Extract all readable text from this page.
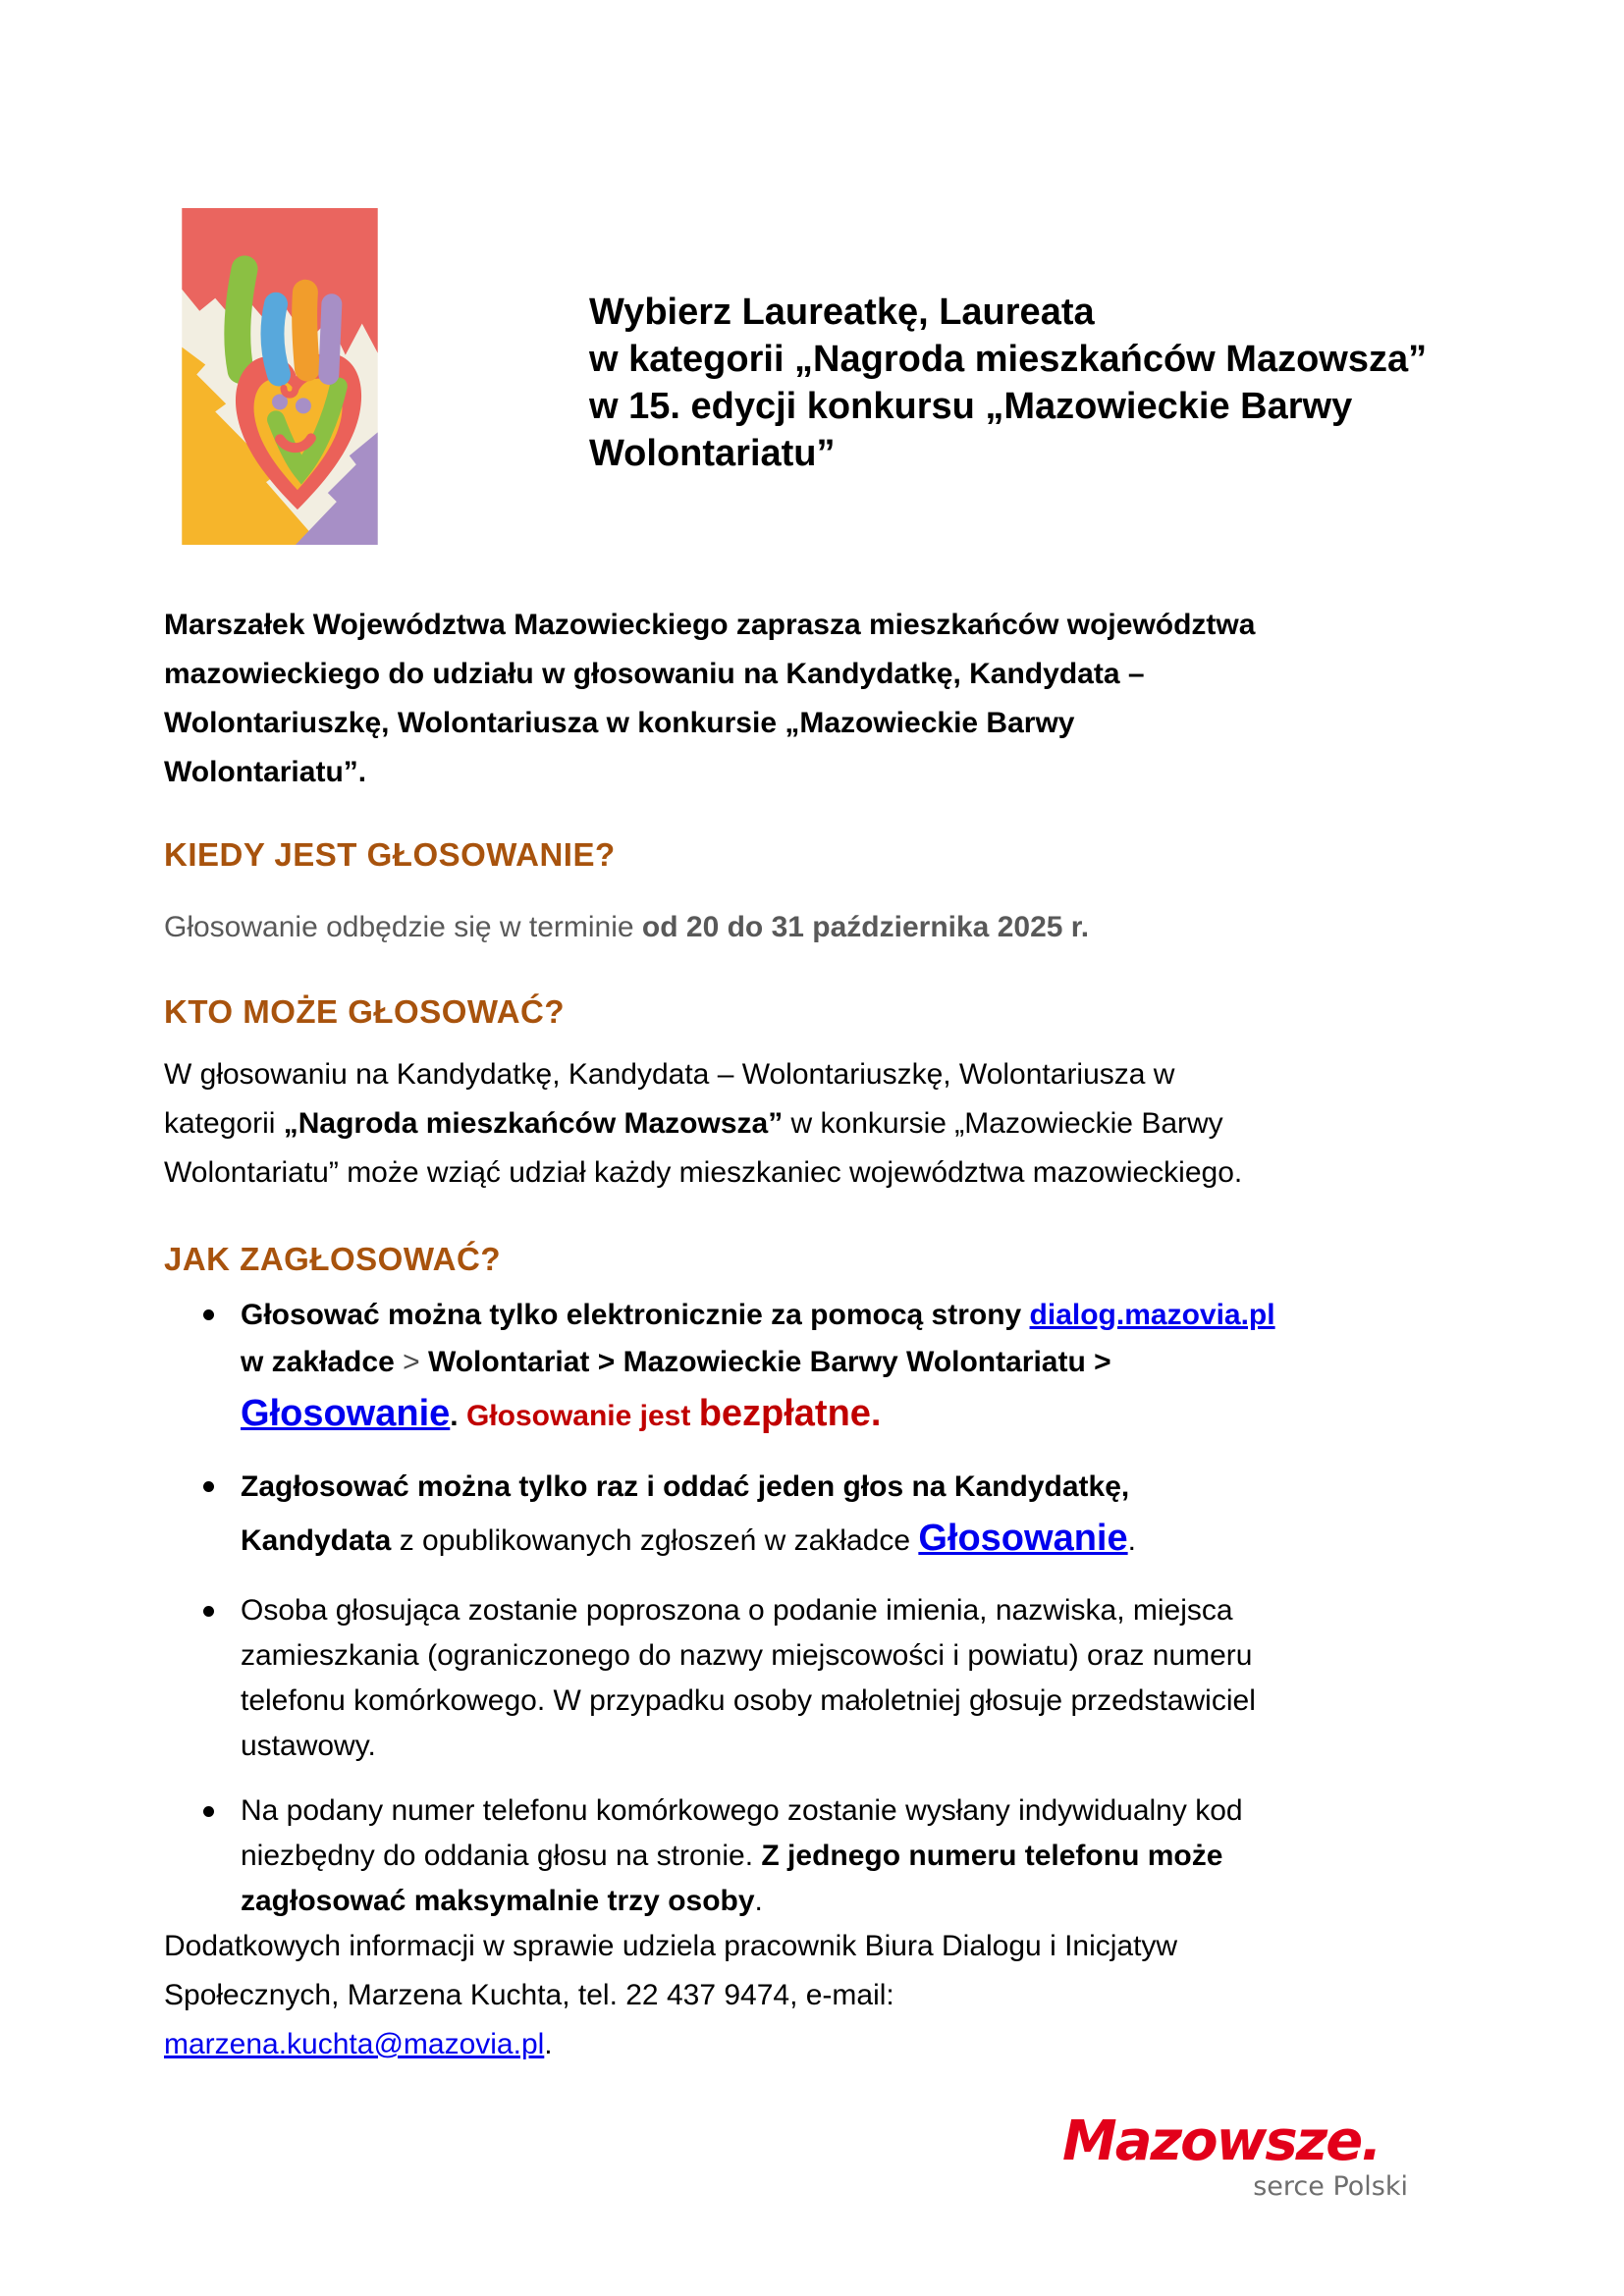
Wybierz Laureatkę, Laureata
w kategorii „Nagroda mieszkańców Mazowsza”
w 15. edycji konkursu „Mazowieckie Barwy
Wolontariatu”
Marszałek Województwa Mazowieckiego zaprasza mieszkańców województwa
mazowieckiego do udziału w głosowaniu na Kandydatkę, Kandydata –
Wolontariuszkę, Wolontariusza w konkursie „Mazowieckie Barwy
Wolontariatu”.
KIEDY JEST GŁOSOWANIE?
Głosowanie odbędzie się w terminie od 20 do 31 października 2025 r.
KTO MOŻE GŁOSOWAĆ?
W głosowaniu na Kandydatkę, Kandydata – Wolontariuszkę, Wolontariusza w
kategorii „Nagroda mieszkańców Mazowsza” w konkursie „Mazowieckie Barwy
Wolontariatu” może wziąć udział każdy mieszkaniec województwa mazowieckiego.
JAK ZAGŁOSOWAĆ?
Głosować można tylko elektronicznie za pomocą strony dialog.mazovia.pl
w zakładce > Wolontariat > Mazowieckie Barwy Wolontariatu >
Głosowanie. Głosowanie jest bezpłatne.
Zagłosować można tylko raz i oddać jeden głos na Kandydatkę,
Kandydata z opublikowanych zgłoszeń w zakładce Głosowanie.
Osoba głosująca zostanie poproszona o podanie imienia, nazwiska, miejsca
zamieszkania (ograniczonego do nazwy miejscowości i powiatu) oraz numeru
telefonu komórkowego. W przypadku osoby małoletniej głosuje przedstawiciel
ustawowy.
Na podany numer telefonu komórkowego zostanie wysłany indywidualny kod
niezbędny do oddania głosu na stronie. Z jednego numeru telefonu może
zagłosować maksymalnie trzy osoby.
Dodatkowych informacji w sprawie udziela pracownik Biura Dialogu i Inicjatyw
Społecznych, Marzena Kuchta, tel. 22 437 9474, e-mail:
marzena.kuchta@mazovia.pl.
Mazowsze.
serce Polski
